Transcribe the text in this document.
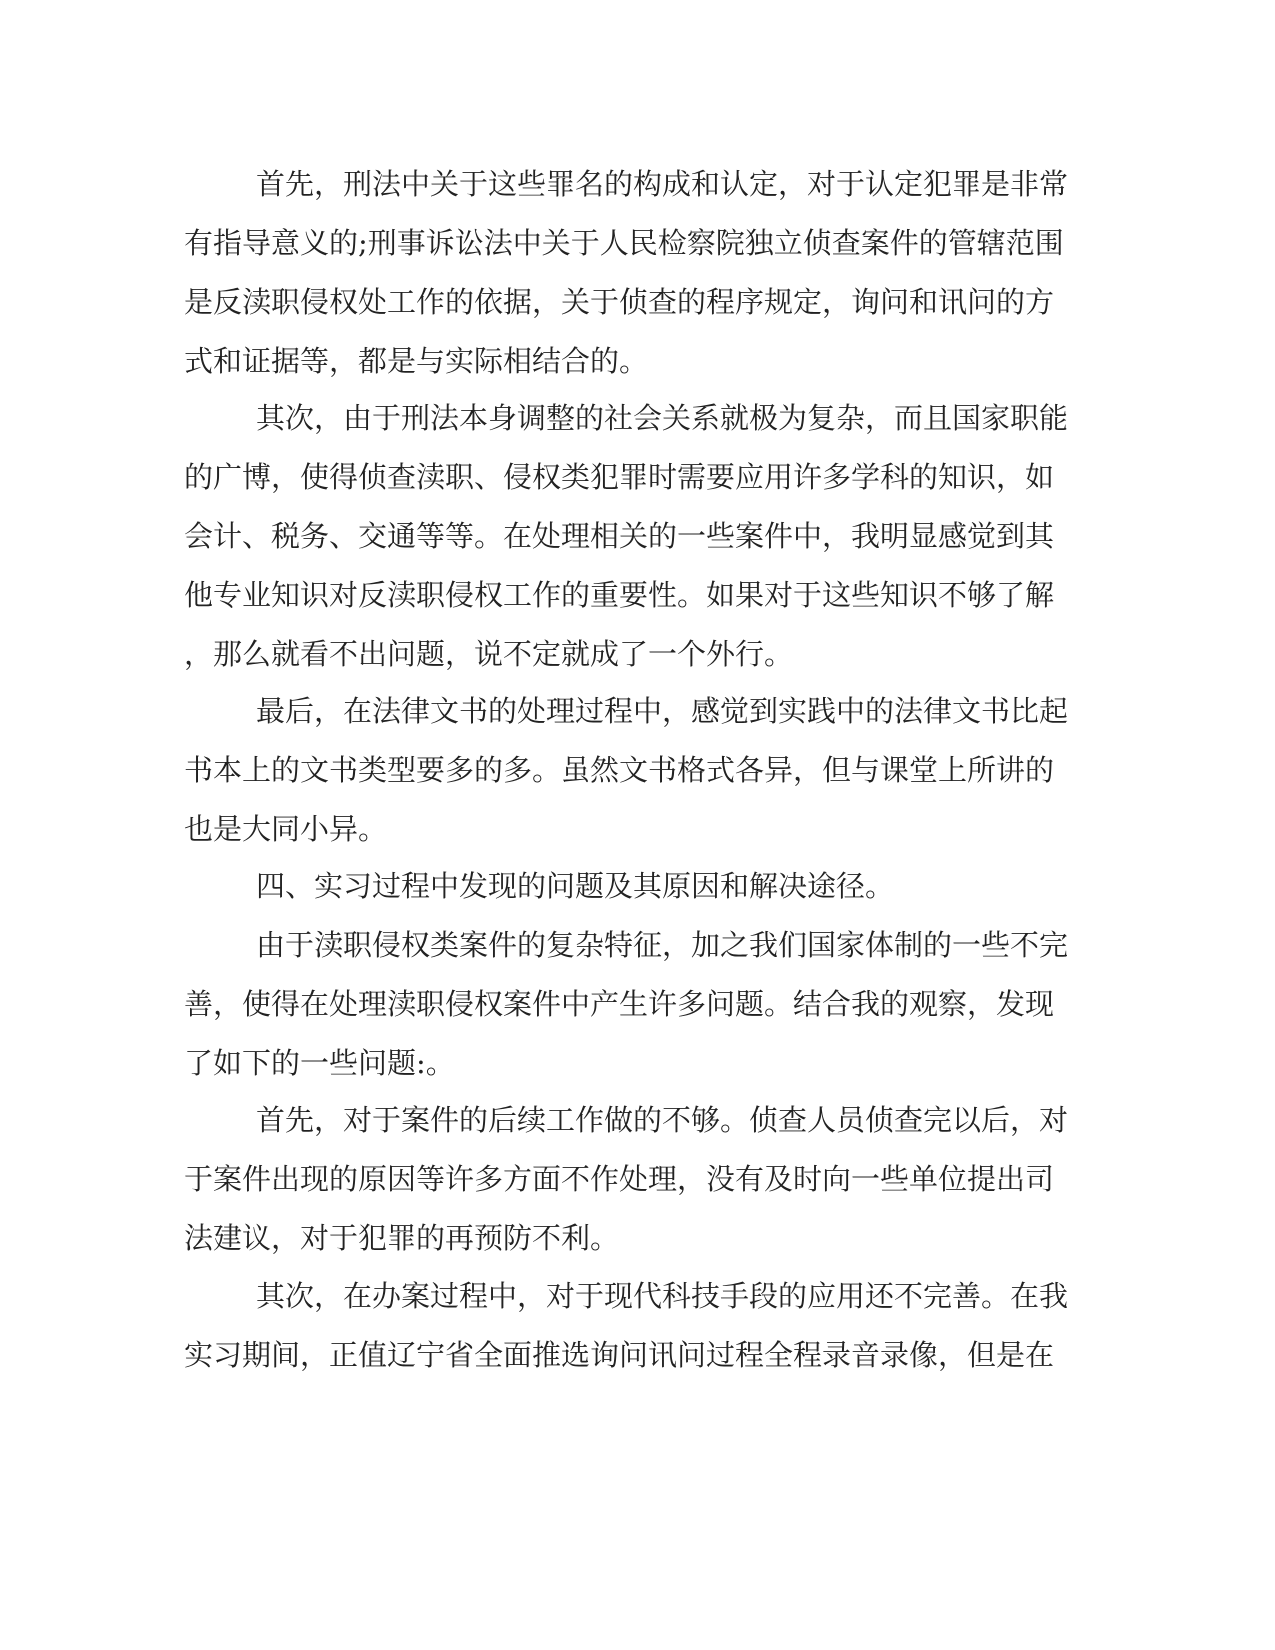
首先，刑法中关于这些罪名的构成和认定，对于认定犯罪是非常
有指导意义的;刑事诉讼法中关于人民检察院独立侦查案件的管辖范围
是反渎职侵权处工作的依据，关于侦查的程序规定，询问和讯问的方
式和证据等，都是与实际相结合的。
其次，由于刑法本身调整的社会关系就极为复杂，而且国家职能
的广博，使得侦查渎职、侵权类犯罪时需要应用许多学科的知识，如
会计、税务、交通等等。在处理相关的一些案件中，我明显感觉到其
他专业知识对反渎职侵权工作的重要性。如果对于这些知识不够了解
，那么就看不出问题，说不定就成了一个外行。
最后，在法律文书的处理过程中，感觉到实践中的法律文书比起
书本上的文书类型要多的多。虽然文书格式各异，但与课堂上所讲的
也是大同小异。
四、实习过程中发现的问题及其原因和解决途径。
由于渎职侵权类案件的复杂特征，加之我们国家体制的一些不完
善，使得在处理渎职侵权案件中产生许多问题。结合我的观察，发现
了如下的一些问题:。
首先，对于案件的后续工作做的不够。侦查人员侦查完以后，对
于案件出现的原因等许多方面不作处理，没有及时向一些单位提出司
法建议，对于犯罪的再预防不利。
其次，在办案过程中，对于现代科技手段的应用还不完善。在我
实习期间，正值辽宁省全面推选询问讯问过程全程录音录像，但是在
